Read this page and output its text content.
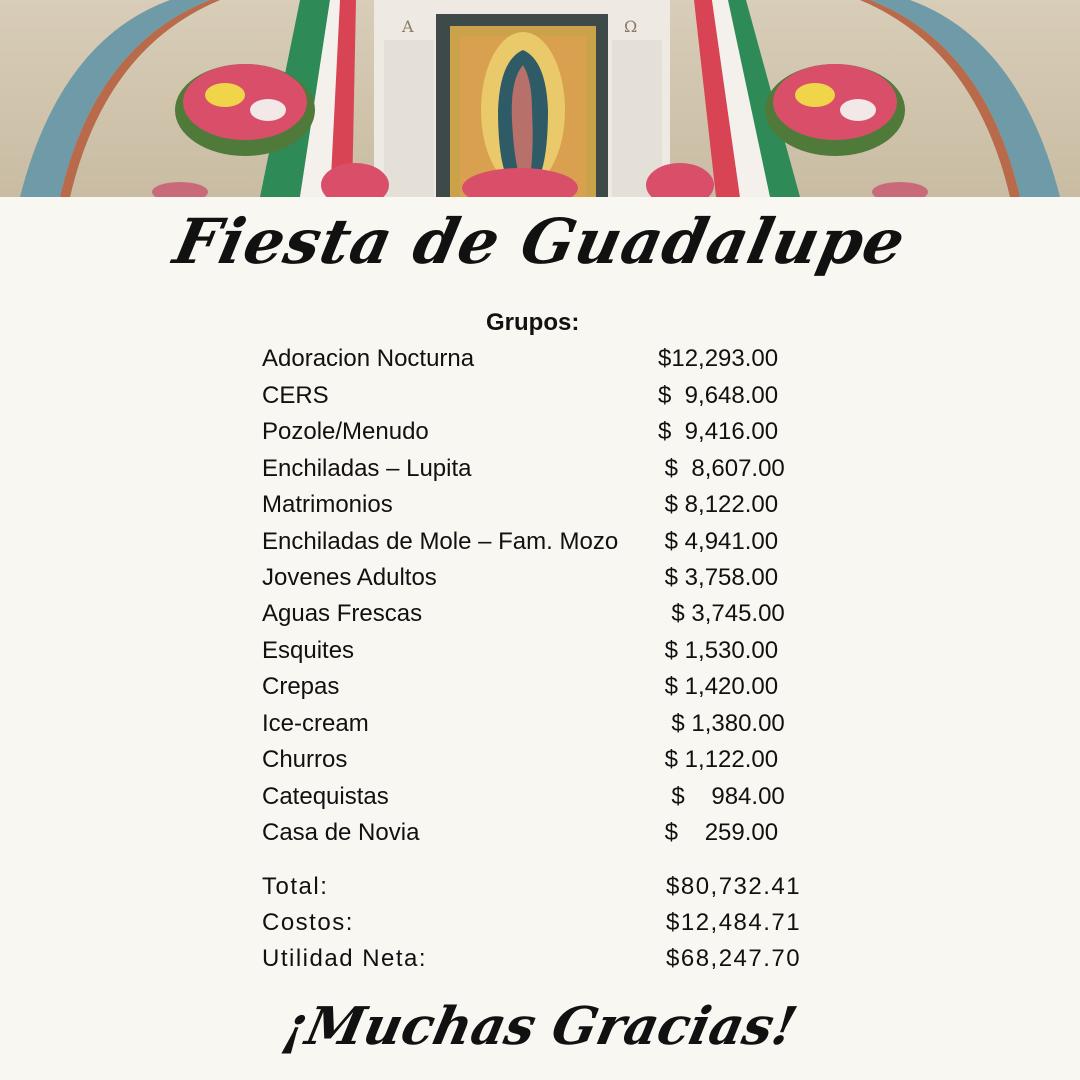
A	Ω
Fiesta de Guadalupe
Grupos:
Adoracion Nocturna	$12,293.00
CERS	$  9,648.00
Pozole/Menudo	$  9,416.00
Enchiladas – Lupita	$  8,607.00
Matrimonios	$ 8,122.00
Enchiladas de Mole – Fam. Mozo $ 4,941.00
Jovenes Adultos	$ 3,758.00
Aguas Frescas	$ 3,745.00
Esquites	$ 1,530.00
Crepas	$ 1,420.00
Ice-cream	$ 1,380.00
Churros	$ 1,122.00
Catequistas	$    984.00
Casa de Novia	$    259.00
Total:	$80,732.41
Costos:	$12,484.71
Utilidad Neta:	$68,247.70
¡Muchas Gracias!
